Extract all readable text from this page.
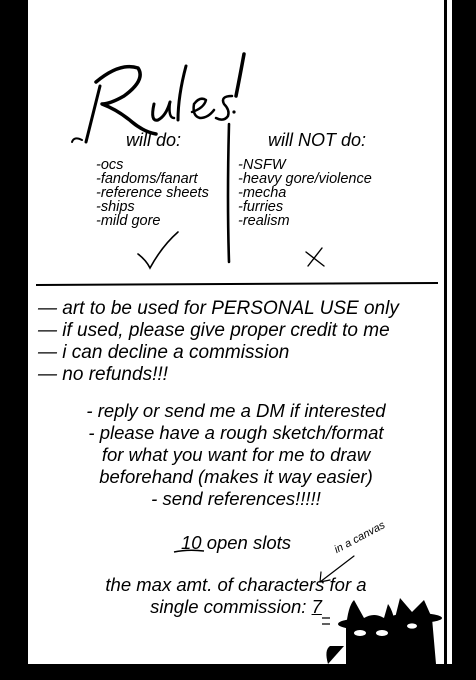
will do:
-ocs
-fandoms/fanart
-reference sheets
-ships
-mild gore
will NOT do:
-NSFW
-heavy gore/violence
-mecha
-furries
-realism
— art to be used for PERSONAL USE only
— if used, please give proper credit to me
— i can decline a commission
— no refunds!!!
- reply or send me a DM if interested
- please have a rough sketch/format
for what you want for me to draw
beforehand (makes it way easier)
- send references!!!!!
10 open slots	in a canvas
the max amt. of characters for a
single commission: 7
